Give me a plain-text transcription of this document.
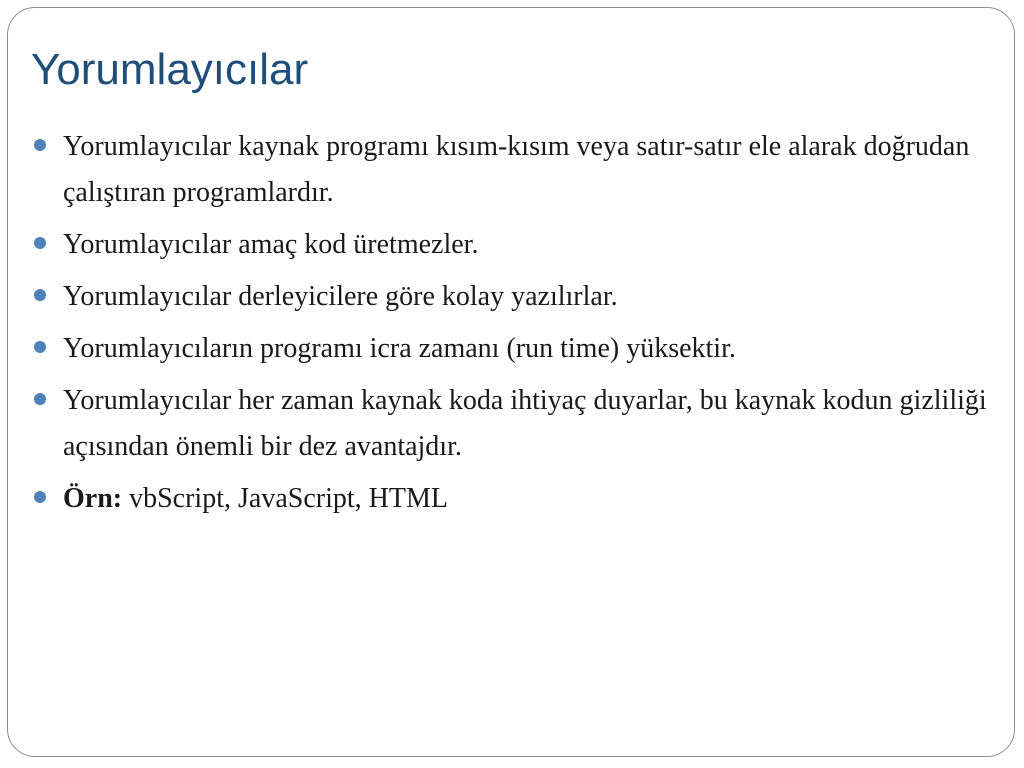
Yorumlayıcılar
Yorumlayıcılar kaynak programı kısım-kısım veya satır-satır ele alarak doğrudan çalıştıran programlardır.
Yorumlayıcılar amaç kod üretmezler.
Yorumlayıcılar derleyicilere göre kolay yazılırlar.
Yorumlayıcıların programı icra zamanı (run time) yüksektir.
Yorumlayıcılar her zaman kaynak koda ihtiyaç duyarlar, bu kaynak kodun gizliliği açısından önemli bir dez avantajdır.
Örn: vbScript, JavaScript, HTML
